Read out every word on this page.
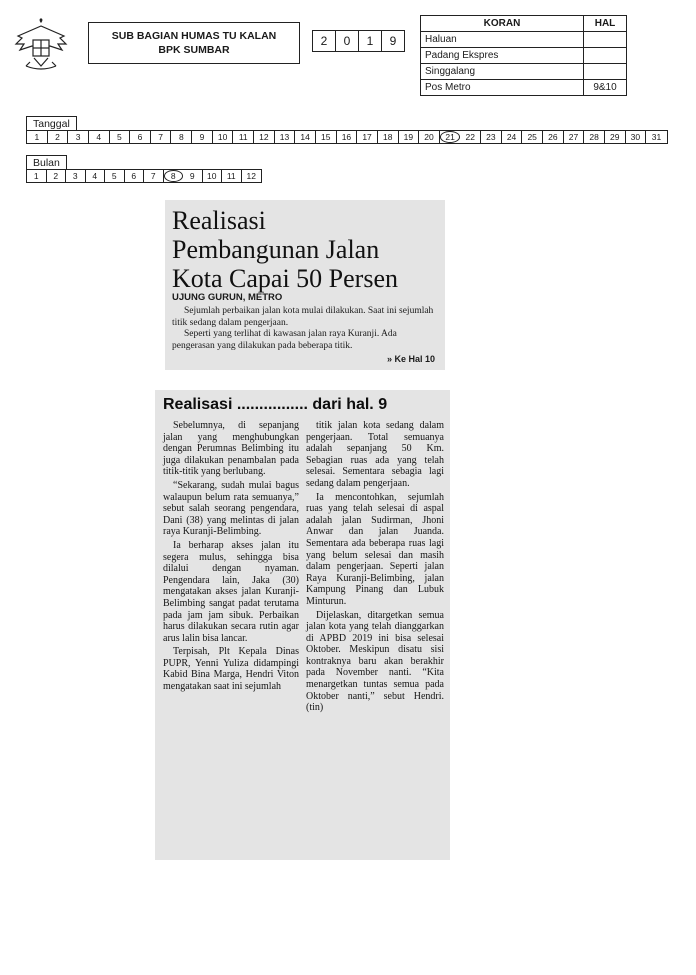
SUB BAGIAN HUMAS TU KALAN
BPK SUMBAR
2	0	1	9
KORAN	HAL
Haluan	
Padang Ekspres	
Singgalang	
Pos Metro	9&10
Tanggal
1	2	3	4	5	6	7	8	9	10	11	12	13	14	15	16	17	18	19	20	21	22	23	24	25	26	27	28	29	30	31
Bulan
1	2	3	4	5	6	7	8	9	10	11	12
Realisasi
Pembangunan Jalan
Kota Capai 50 Persen
UJUNG GURUN, METRO
Sejumlah perbaikan jalan kota mulai dilakukan. Saat ini sejumlah titik sedang dalam pengerjaan.
Seperti yang terlihat di kawasan jalan raya Kuranji. Ada pengerasan yang dilakukan pada beberapa titik.
» Ke Hal 10
Realisasi ................ dari hal. 9

Sebelumnya, di sepanjang jalan yang menghubungkan dengan Perumnas Belimbing itu juga dilakukan penambalan pada titik-titik yang berlubang.

“Sekarang, sudah mulai bagus walaupun belum rata semuanya,” sebut salah seorang pengendara, Dani (38) yang melintas di jalan raya Kuranji-Belimbing.

Ia berharap akses jalan itu segera mulus, sehingga bisa dilalui dengan nyaman. Pengendara lain, Jaka (30) mengatakan akses jalan Kuranji-Belimbing sangat padat terutama pada jam jam sibuk. Perbaikan harus dilakukan secara rutin agar arus lalin bisa lancar.

Terpisah, Plt Kepala Dinas PUPR, Yenni Yuliza didampingi Kabid Bina Marga, Hendri Viton mengatakan saat ini sejumlah

titik jalan kota sedang dalam pengerjaan. Total semuanya adalah sepanjang 50 Km. Sebagian ruas ada yang telah selesai. Sementara sebagia lagi sedang dalam pengerjaan.

Ia mencontohkan, sejumlah ruas yang telah selesai di aspal adalah jalan Sudirman, Jhoni Anwar dan jalan Juanda. Sementara ada beberapa ruas lagi yang belum selesai dan masih dalam pengerjaan. Seperti jalan Raya Kuranji-Belimbing, jalan Kampung Pinang dan Lubuk Minturun.

Dijelaskan, ditargetkan semua jalan kota yang telah dianggarkan di APBD 2019 ini bisa selesai Oktober. Meskipun disatu sisi kontraknya baru akan berakhir pada November nanti. “Kita menargetkan tuntas semua pada Oktober nanti,” sebut Hendri. (tin)
